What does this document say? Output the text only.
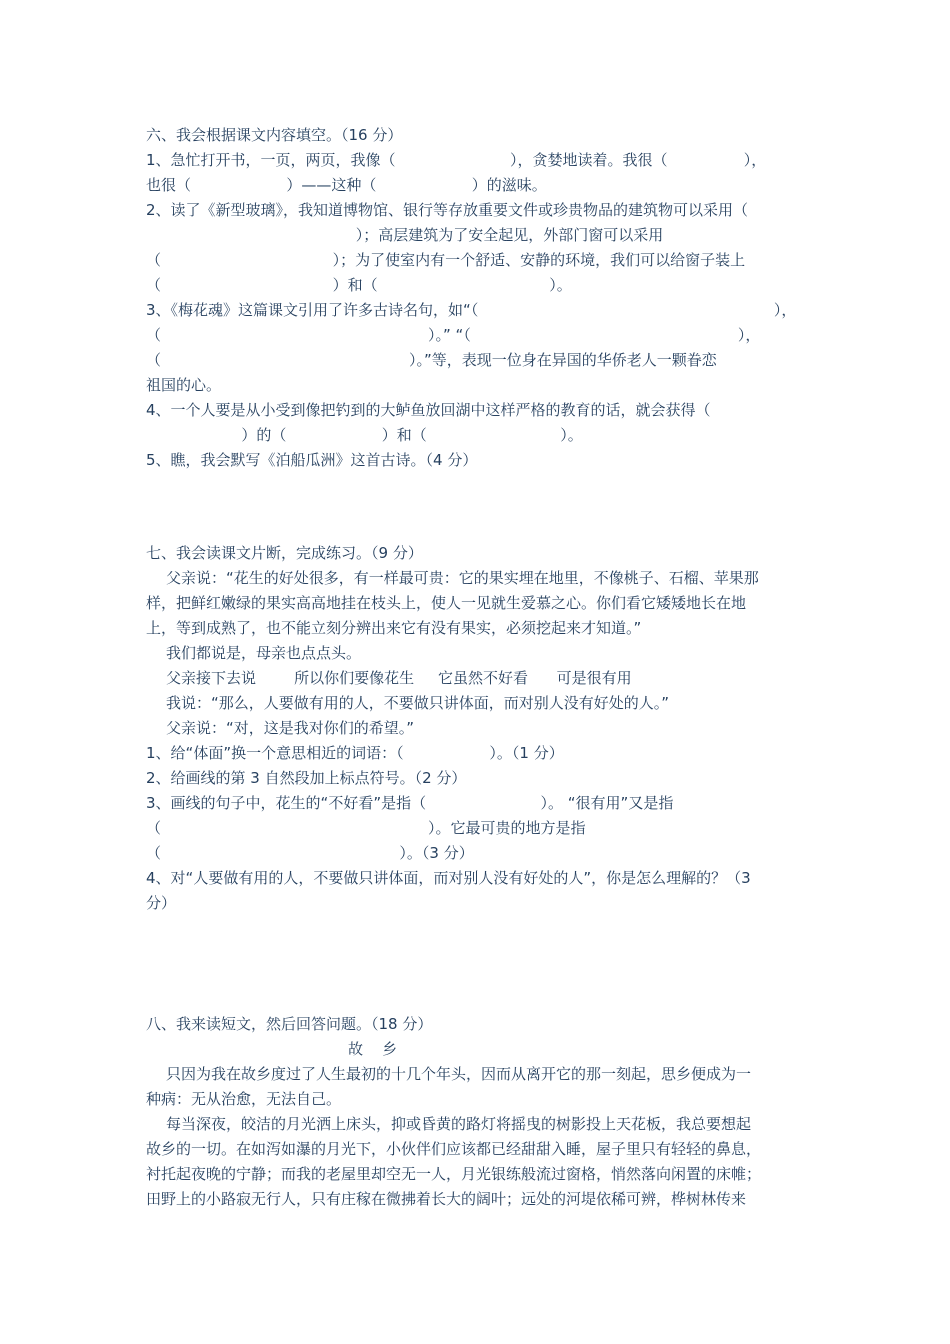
六、我会根据课文内容填空。（16 分）
1、急忙打开书，一页，两页，我像（                        ），贪婪地读着。我很（                ），
也很（                    ）——这种（                    ）的滋味。
2、读了《新型玻璃》，我知道博物馆、银行等存放重要文件或珍贵物品的建筑物可以采用（
）；高层建筑为了安全起见，外部门窗可以采用
（                                    ）；为了使室内有一个舒适、安静的环境，我们可以给窗子装上
（                                    ）和（                                    ）。
3、《梅花魂》这篇课文引用了许多古诗名句，如“（                                                              ），
（                                                        ）。” “（                                                        ），
（                                                    ）。”等，表现一位身在异国的华侨老人一颗眷恋
祖国的心。
4、一个人要是从小受到像把钓到的大鲈鱼放回湖中这样严格的教育的话，就会获得（
）的（                    ）和（                            ）。
5、瞧，我会默写《泊船瓜洲》这首古诗。（4 分）
七、我会读课文片断，完成练习。（9 分）
父亲说：“花生的好处很多，有一样最可贵：它的果实埋在地里，不像桃子、石榴、苹果那
样，把鲜红嫩绿的果实高高地挂在枝头上，使人一见就生爱慕之心。你们看它矮矮地长在地
上，等到成熟了，也不能立刻分辨出来它有没有果实，必须挖起来才知道。”
我们都说是，母亲也点点头。
父亲接下去说        所以你们要像花生     它虽然不好看      可是很有用
我说：“那么，人要做有用的人，不要做只讲体面，而对别人没有好处的人。”
父亲说：“对，这是我对你们的希望。”
1、给“体面”换一个意思相近的词语：（                  ）。（1 分）
2、给画线的第 3 自然段加上标点符号。（2 分）
3、画线的句子中，花生的“不好看”是指（                        ）。 “很有用”又是指
（                                                        ）。它最可贵的地方是指
（                                                  ）。（3 分）
4、对“人要做有用的人，不要做只讲体面，而对别人没有好处的人”，你是怎么理解的？（3
分）
八、我来读短文，然后回答问题。（18 分）
故    乡
只因为我在故乡度过了人生最初的十几个年头，因而从离开它的那一刻起，思乡便成为一
种病：无从治愈，无法自己。
每当深夜，皎洁的月光洒上床头，抑或昏黄的路灯将摇曳的树影投上天花板，我总要想起
故乡的一切。在如泻如瀑的月光下，小伙伴们应该都已经甜甜入睡，屋子里只有轻轻的鼻息，
衬托起夜晚的宁静；而我的老屋里却空无一人，月光银练般流过窗格，悄然落向闲置的床帷；
田野上的小路寂无行人，只有庄稼在微拂着长大的阔叶；远处的河堤依稀可辨，桦树林传来
